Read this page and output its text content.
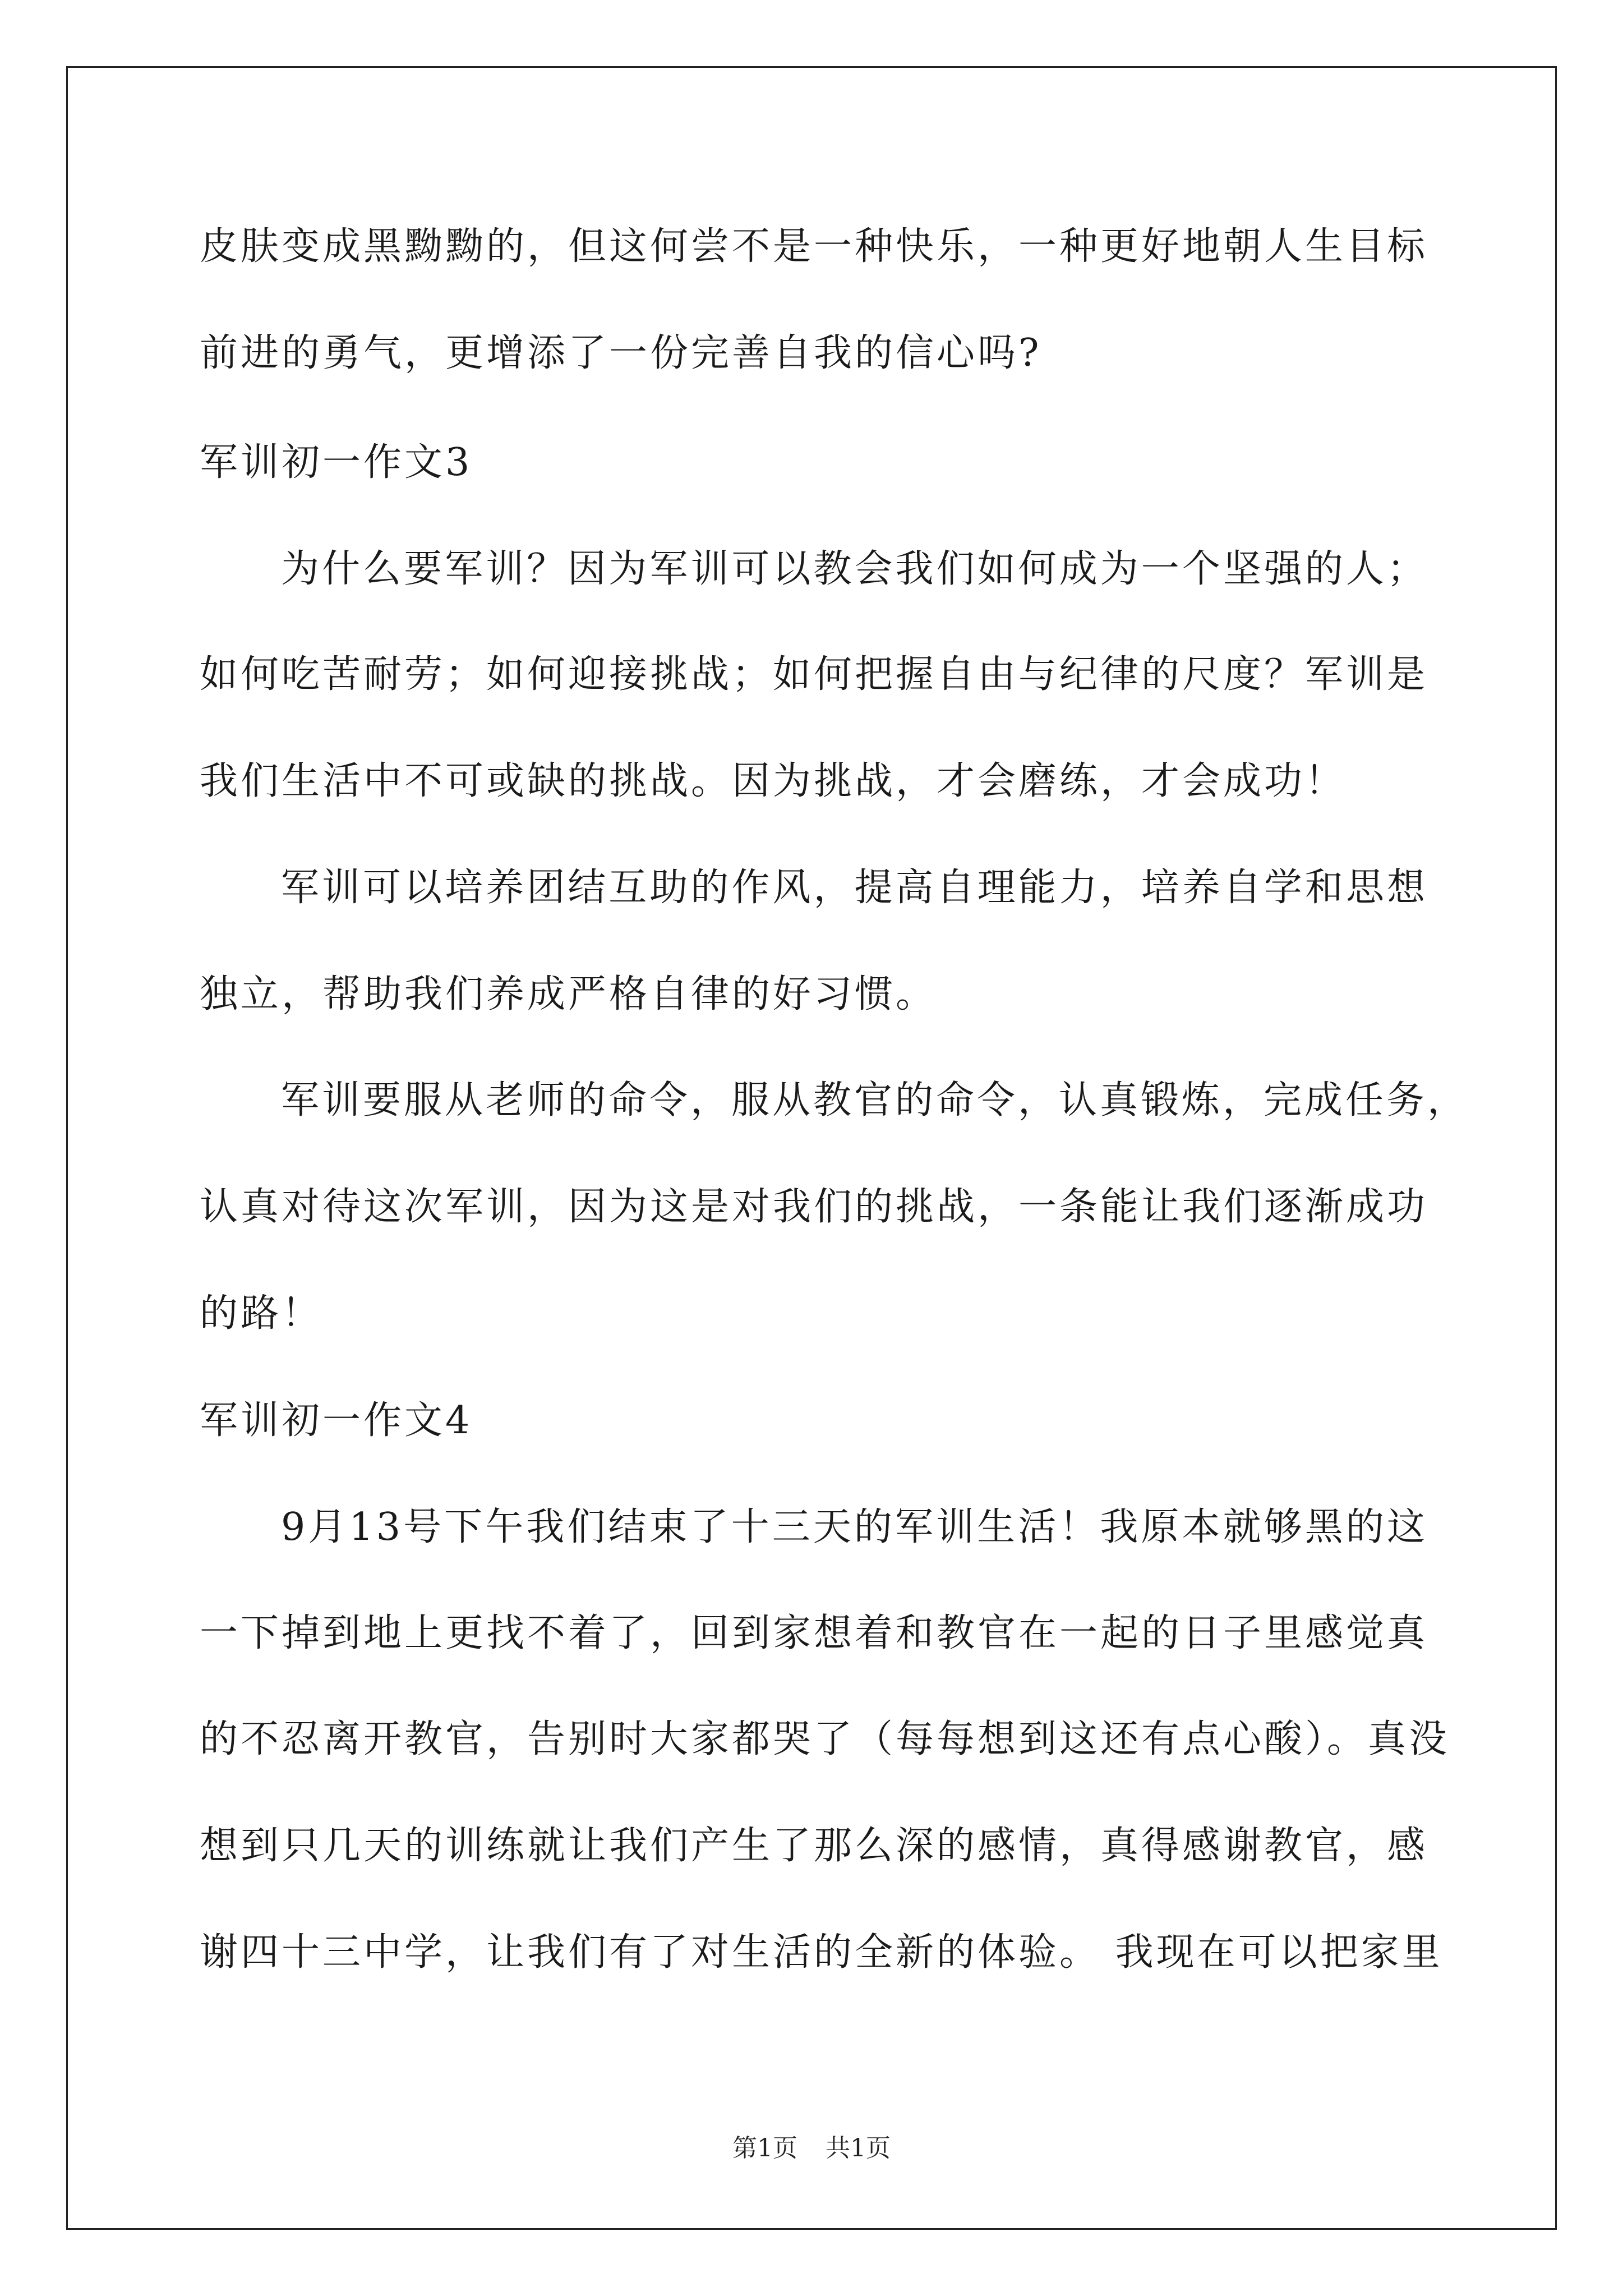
皮肤变成黑黝黝的，但这何尝不是一种快乐，一种更好地朝人生目标
前进的勇气，更增添了一份完善自我的信心吗?
军训初一作文3
为什么要军训？因为军训可以教会我们如何成为一个坚强的人；
如何吃苦耐劳；如何迎接挑战；如何把握自由与纪律的尺度？军训是
我们生活中不可或缺的挑战。因为挑战，才会磨练，才会成功！
军训可以培养团结互助的作风，提高自理能力，培养自学和思想
独立，帮助我们养成严格自律的好习惯。
军训要服从老师的命令，服从教官的命令，认真锻炼，完成任务，
认真对待这次军训，因为这是对我们的挑战，一条能让我们逐渐成功
的路！
军训初一作文4
9月13号下午我们结束了十三天的军训生活！我原本就够黑的这
一下掉到地上更找不着了，回到家想着和教官在一起的日子里感觉真
的不忍离开教官，告别时大家都哭了（每每想到这还有点心酸）。真没
想到只几天的训练就让我们产生了那么深的感情，真得感谢教官，感
谢四十三中学，让我们有了对生活的全新的体验。 我现在可以把家里
第1页 共1页
